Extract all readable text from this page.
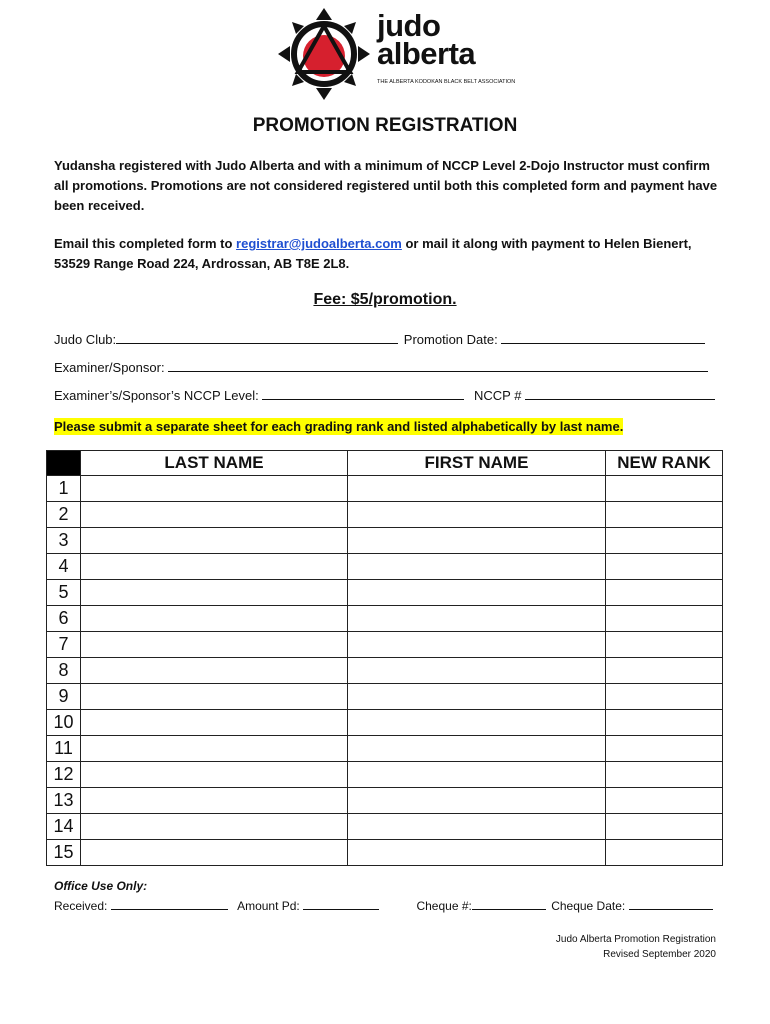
judo
alberta
THE ALBERTA KODOKAN BLACK BELT ASSOCIATION
PROMOTION REGISTRATION
Yudansha registered with Judo Alberta and with a minimum of NCCP Level 2-Dojo Instructor must confirm all promotions. Promotions are not considered registered until both this completed form and payment have been received.
Email this completed form to registrar@judoalberta.com or mail it along with payment to Helen Bienert, 53529 Range Road 224, Ardrossan, AB T8E 2L8.
Fee: $5/promotion.
Judo Club:	Promotion Date:
Examiner/Sponsor:
Examiner’s/Sponsor’s NCCP Level:	NCCP #
Please submit a separate sheet for each grading rank and listed alphabetically by last name.
	LAST NAME	FIRST NAME	NEW RANK
1			
2			
3			
4			
5			
6			
7			
8			
9			
10			
11			
12			
13			
14			
15			
Office Use Only:
Received:	Amount Pd:	Cheque #:	Cheque Date:
Judo Alberta Promotion Registration
Revised September 2020
